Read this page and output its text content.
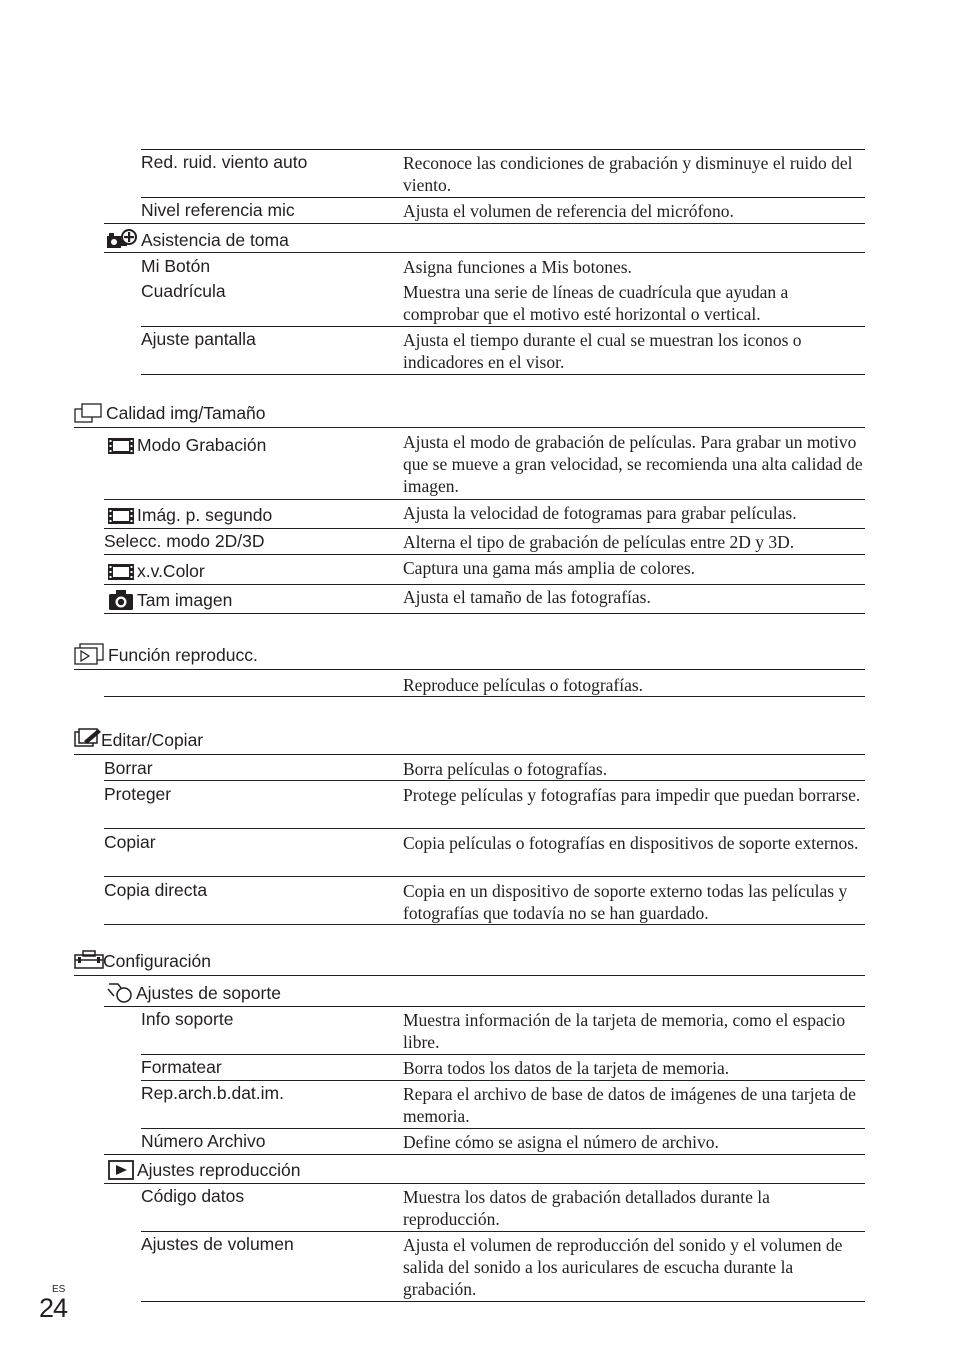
Red. ruid. viento auto	Reconoce las condiciones de grabación y disminuye el ruido del viento.
Nivel referencia mic	Ajusta el volumen de referencia del micrófono.
Asistencia de toma
Mi Botón	Asigna funciones a Mis botones.
Cuadrícula	Muestra una serie de líneas de cuadrícula que ayudan a comprobar que el motivo esté horizontal o vertical.
Ajuste pantalla	Ajusta el tiempo durante el cual se muestran los iconos o indicadores en el visor.
Calidad img/Tamaño
Modo Grabación	Ajusta el modo de grabación de películas. Para grabar un motivo que se mueve a gran velocidad, se recomienda una alta calidad de imagen.
Imág. p. segundo	Ajusta la velocidad de fotogramas para grabar películas.
Selecc. modo 2D/3D	Alterna el tipo de grabación de películas entre 2D y 3D.
x.v.Color	Captura una gama más amplia de colores.
Tam imagen	Ajusta el tamaño de las fotografías.
Función reproducc.
Reproduce películas o fotografías.
Editar/Copiar
Borrar	Borra películas o fotografías.
Proteger	Protege películas y fotografías para impedir que puedan borrarse.
Copiar	Copia películas o fotografías en dispositivos de soporte externos.
Copia directa	Copia en un dispositivo de soporte externo todas las películas y fotografías que todavía no se han guardado.
Configuración
Ajustes de soporte
Info soporte	Muestra información de la tarjeta de memoria, como el espacio libre.
Formatear	Borra todos los datos de la tarjeta de memoria.
Rep.arch.b.dat.im.	Repara el archivo de base de datos de imágenes de una tarjeta de memoria.
Número Archivo	Define cómo se asigna el número de archivo.
Ajustes reproducción
Código datos	Muestra los datos de grabación detallados durante la reproducción.
Ajustes de volumen	Ajusta el volumen de reproducción del sonido y el volumen de salida del sonido a los auriculares de escucha durante la grabación.
ES
24
